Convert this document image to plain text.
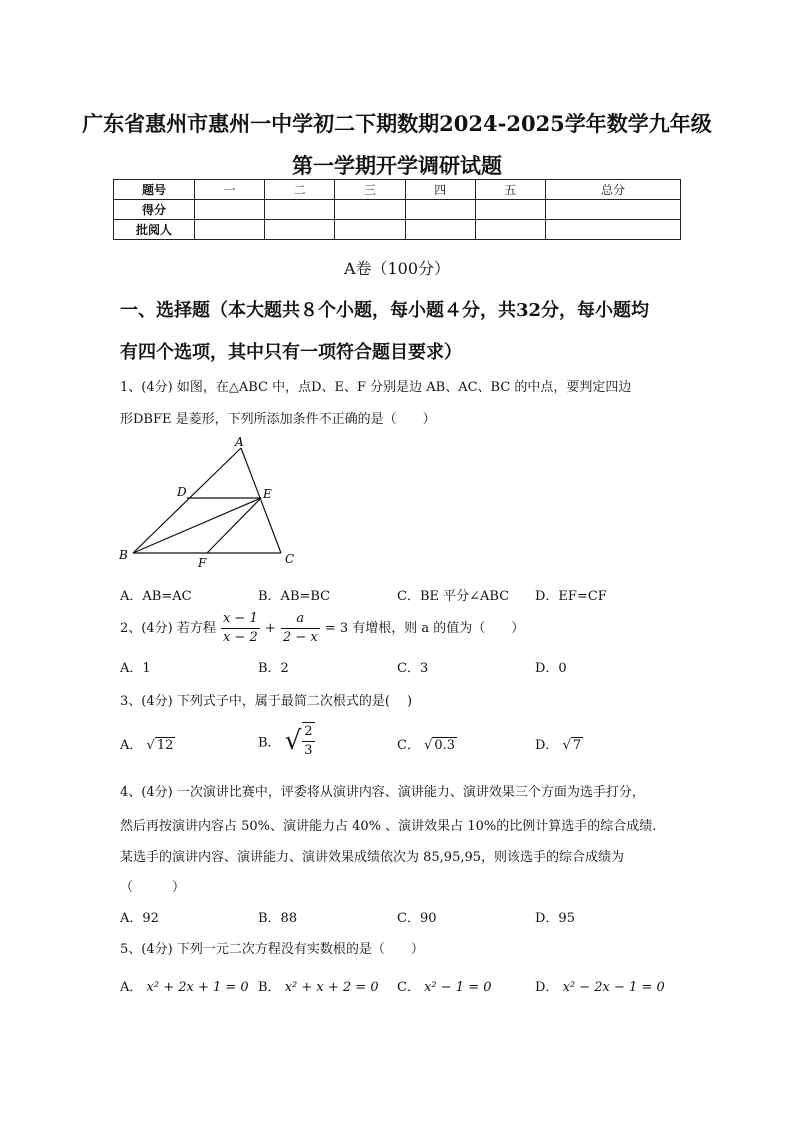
广东省惠州市惠州一中学初二下期数期2024-2025学年数学九年级
第一学期开学调研试题
题号	一	二	三	四	五	总分
得分						
批阅人						
A卷（100分）
一、选择题（本大题共８个小题，每小题４分，共32分，每小题均
有四个选项，其中只有一项符合题目要求）
1、(4分) 如图，在△ABC 中，点D、E、F 分别是边 AB、AC、BC 的中点，要判定四边
形DBFE 是菱形，下列所添加条件不正确的是（　　）
A
D	E
B
F	C
A．AB=AC	B．AB=BC	C．BE 平分∠ABC D．EF=CF
2、(4分) 若方程 $\frac{x - 1}{x - 2} + \frac{a}{2 - x} = 3$ 有增根，则 a 的值为（　　）
A．1	B．2	C．3	D．0
3、(4分) 下列式子中，属于最简二次根式的是(　 )
A． √ 12	B． √ $\frac{2}{3}$	C． √ 0.3	D． √ 7
4、(4分) 一次演讲比赛中，评委将从演讲内容、演讲能力、演讲效果三个方面为选手打分，
然后再按演讲内容占 50%、演讲能力占 40% 、演讲效果占 10%的比例计算选手的综合成绩.
某选手的演讲内容、演讲能力、演讲效果成绩依次为 85,95,95，则该选手的综合成绩为
（　　　）
A．92	B．88	C．90	D．95
5、(4分) 下列一元二次方程没有实数根的是（　　）
A． x² + 2x + 1 = 0 B． x² + x + 2 = 0 C． x² − 1 = 0	D． x² − 2x − 1 = 0
